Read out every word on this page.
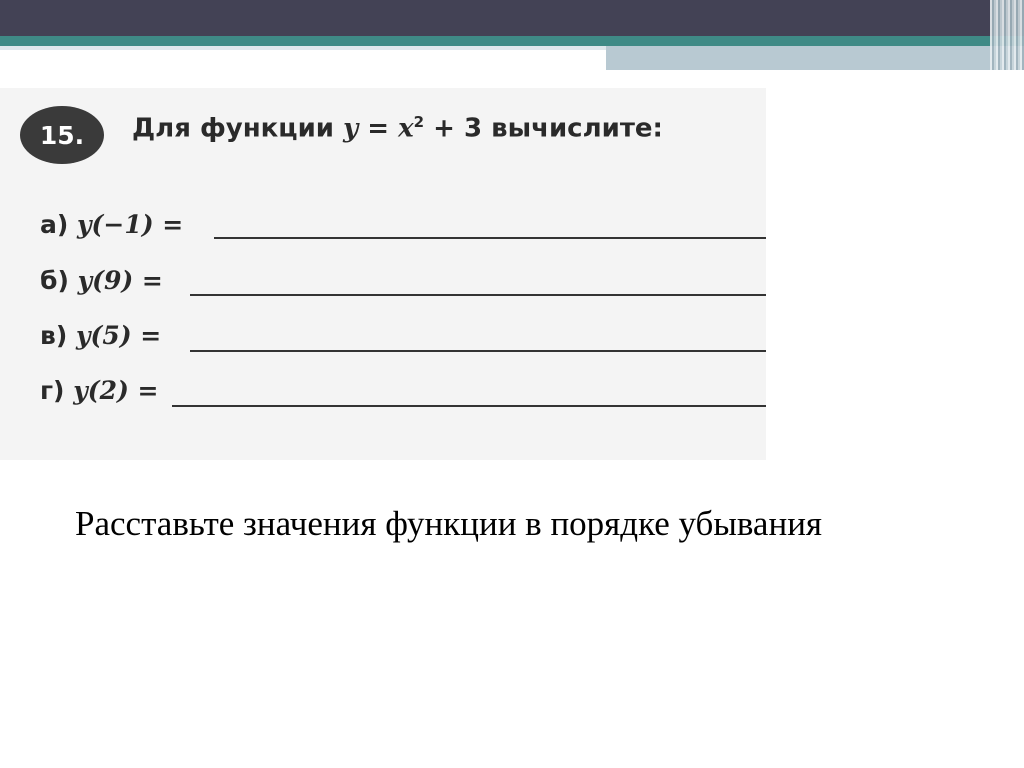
15. Для функции $y = x^2 + 3$ вычислите:
а) y(−1) =
б) y(9) =
в) y(5) =
г) y(2) =
Расставьте значения функции в порядке убывания
